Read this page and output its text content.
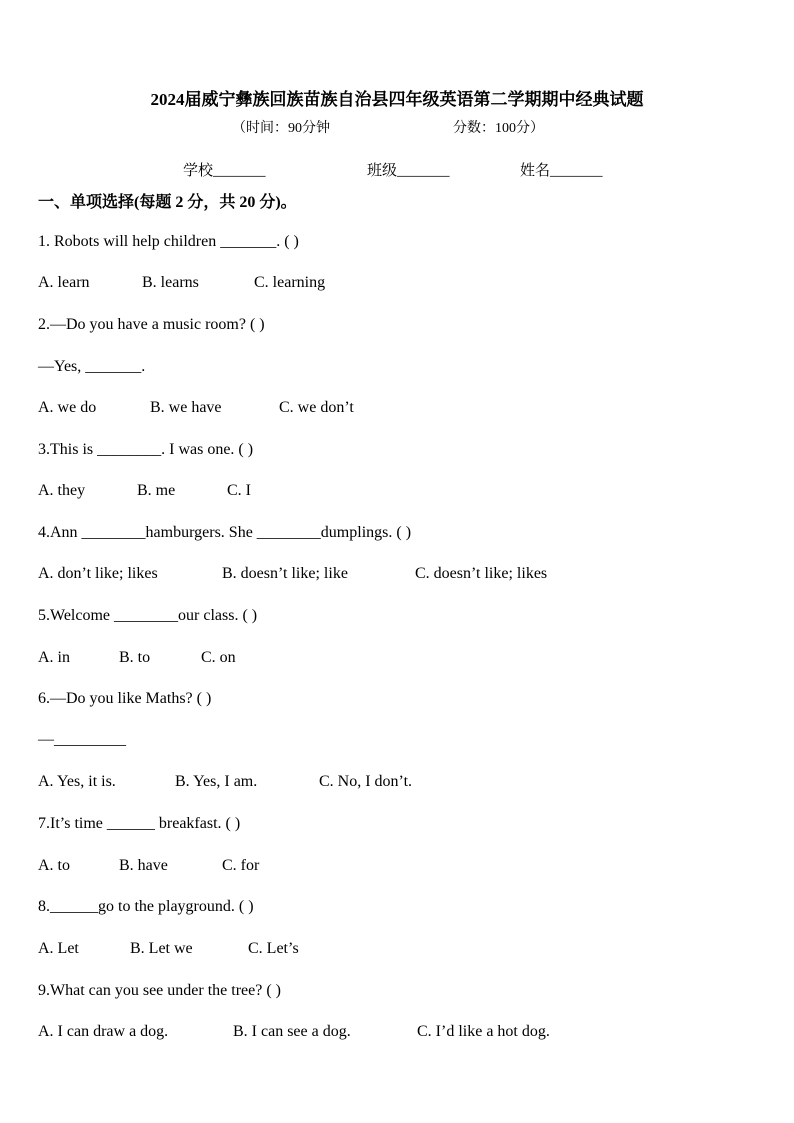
2024届威宁彝族回族苗族自治县四年级英语第二学期期中经典试题
（时间：90分钟	分数：100分）
学校_______	班级_______	姓名_______
一、单项选择(每题 2 分，共 20 分)。
1. Robots will help children _______. ( )
A. learn	B. learns	C. learning
2.—Do you have a music room? ( )
—Yes, _______.
A. we do	B. we have	C. we don’t
3.This is ________. I was one. ( )
A. they	B. me	C. I
4.Ann ________hamburgers. She ________dumplings. ( )
A. don’t like; likes	B. doesn’t like; like	C. doesn’t like; likes
5.Welcome ________our class. ( )
A. in	B. to	C. on
6.—Do you like Maths? ( )
—_________
A. Yes, it is.	B. Yes, I am.	C. No, I don’t.
7.It’s time ______ breakfast. ( )
A. to	B. have	C. for
8.______go to the playground. ( )
A. Let	B. Let we	C. Let’s
9.What can you see under the tree? ( )
A. I can draw a dog.	B. I can see a dog.	C. I’d like a hot dog.
